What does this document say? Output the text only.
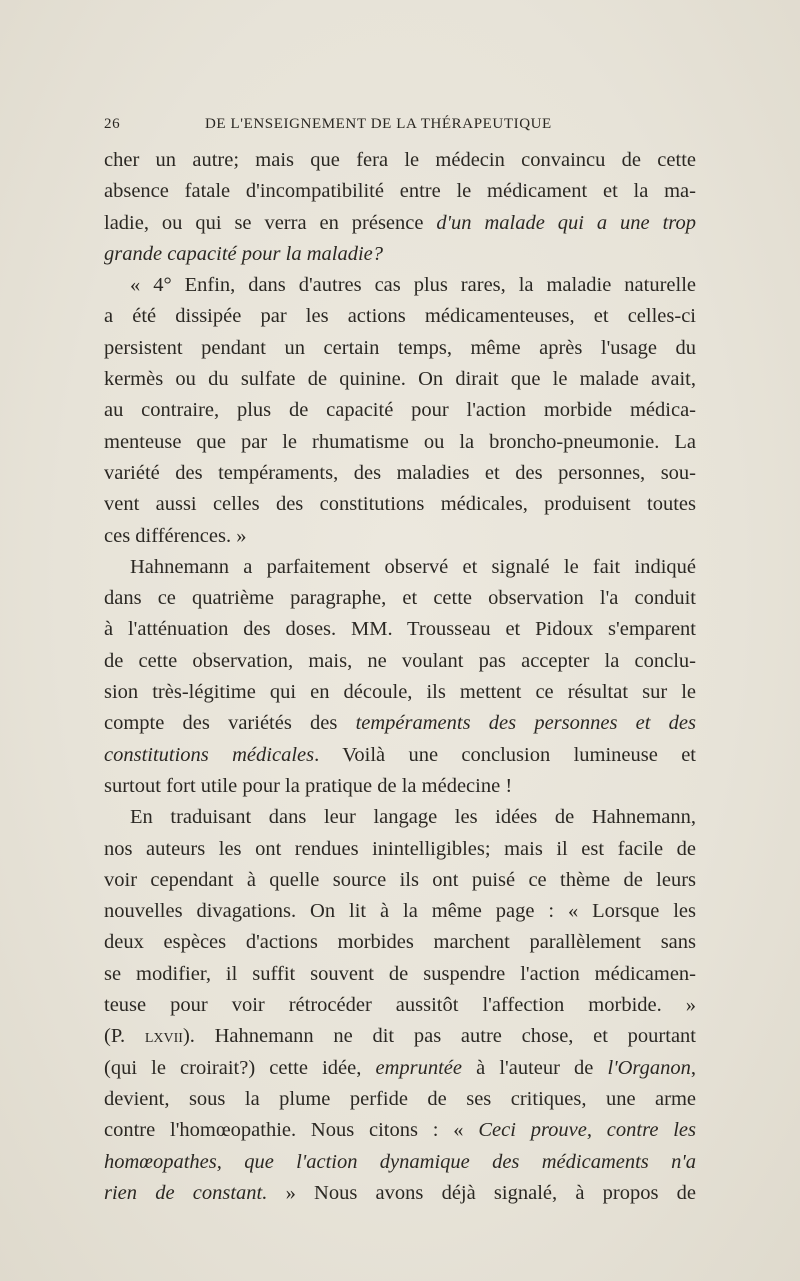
26	DE L'ENSEIGNEMENT DE LA THÉRAPEUTIQUE
cher un autre; mais que fera le médecin convaincu de cette
absence fatale d'incompatibilité entre le médicament et la ma-
ladie, ou qui se verra en présence d'un malade qui a une trop
grande capacité pour la maladie?
« 4° Enfin, dans d'autres cas plus rares, la maladie naturelle
a été dissipée par les actions médicamenteuses, et celles-ci
persistent pendant un certain temps, même après l'usage du
kermès ou du sulfate de quinine. On dirait que le malade avait,
au contraire, plus de capacité pour l'action morbide médica-
menteuse que par le rhumatisme ou la broncho-pneumonie. La
variété des tempéraments, des maladies et des personnes, sou-
vent aussi celles des constitutions médicales, produisent toutes
ces différences. »
Hahnemann a parfaitement observé et signalé le fait indiqué
dans ce quatrième paragraphe, et cette observation l'a conduit
à l'atténuation des doses. MM. Trousseau et Pidoux s'emparent
de cette observation, mais, ne voulant pas accepter la conclu-
sion très-légitime qui en découle, ils mettent ce résultat sur le
compte des variétés des tempéraments des personnes et des
constitutions médicales. Voilà une conclusion lumineuse et
surtout fort utile pour la pratique de la médecine !
En traduisant dans leur langage les idées de Hahnemann,
nos auteurs les ont rendues inintelligibles; mais il est facile de
voir cependant à quelle source ils ont puisé ce thème de leurs
nouvelles divagations. On lit à la même page : « Lorsque les
deux espèces d'actions morbides marchent parallèlement sans
se modifier, il suffit souvent de suspendre l'action médicamen-
teuse pour voir rétrocéder aussitôt l'affection morbide. »
(P. lxvii). Hahnemann ne dit pas autre chose, et pourtant
(qui le croirait?) cette idée, empruntée à l'auteur de l'Organon,
devient, sous la plume perfide de ses critiques, une arme
contre l'homœopathie. Nous citons : « Ceci prouve, contre les
homœopathes, que l'action dynamique des médicaments n'a
rien de constant. » Nous avons déjà signalé, à propos de
